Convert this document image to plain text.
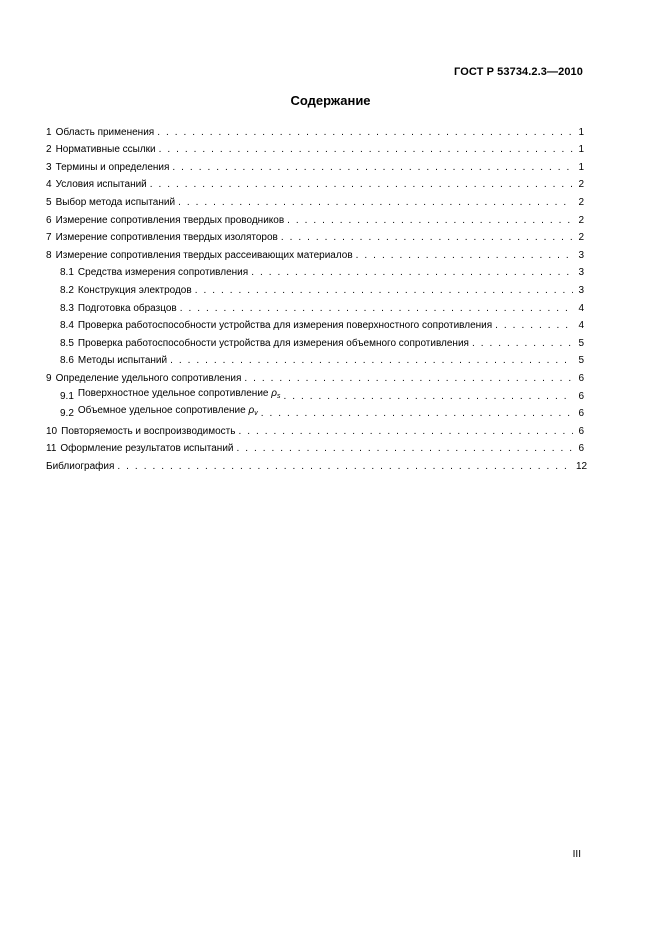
ГОСТ Р 53734.2.3—2010
Содержание
1 Область применения . . .	1
2 Нормативные ссылки . . .	1
3 Термины и определения . . .	1
4 Условия испытаний . . .	2
5 Выбор метода испытаний . . .	2
6 Измерение сопротивления твердых проводников . . .	2
7 Измерение сопротивления твердых изоляторов . . .	2
8 Измерение сопротивления твердых рассеивающих материалов . . .	3
8.1 Средства измерения сопротивления . . .	3
8.2 Конструкция электродов . . .	3
8.3 Подготовка образцов . . .	4
8.4 Проверка работоспособности устройства для измерения поверхностного сопротивления . . .	4
8.5 Проверка работоспособности устройства для измерения объемного сопротивления . . .	5
8.6 Методы испытаний . . .	5
9 Определение удельного сопротивления . . .	6
9.1 Поверхностное удельное сопротивление $\rho_s$ . . .	6
9.2 Объемное удельное сопротивление $\rho_v$ . . .	6
10 Повторяемость и воспроизводимость . . .	6
11 Оформление результатов испытаний . . .	6
Библиография . . .	12
III
